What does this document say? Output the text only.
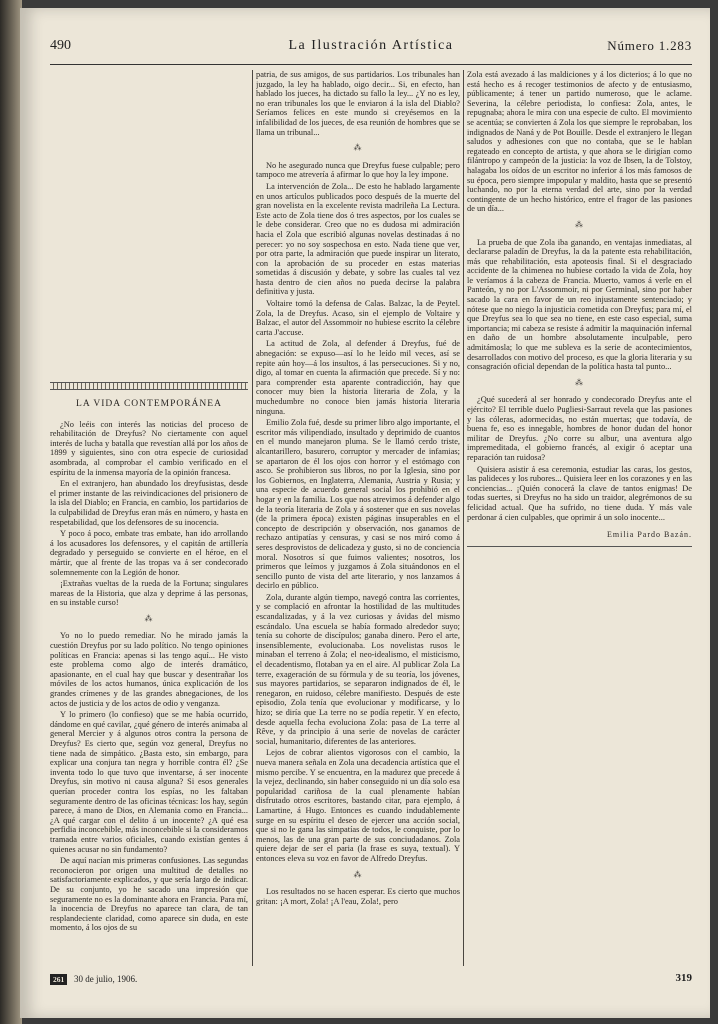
490	La Ilustración Artística	Número 1.283
LA VIDA CONTEMPORÁNEA

¿No leéis con interés las noticias del proceso de rehabilitación de Dreyfus? No ciertamente con aquel interés de lucha y batalla que revestían allá por los años de 1899 y siguientes, sino con otra especie de curiosidad asombrada, al comprobar el cambio verificado en el espíritu de la inmensa mayoría de la opinión francesa.

En el extranjero, han abundado los dreyfusistas, desde el primer instante de las reivindicaciones del prisionero de la isla del Diablo; en Francia, en cambio, los partidarios de la culpabilidad de Dreyfus eran más en número, y hasta en respetabilidad, que los defensores de su inocencia.

Y poco á poco, embate tras embate, han ido arrollando á los acusadores los defensores, y el capitán de artillería degradado y perseguido se convierte en el héroe, en el mártir, que al frente de las tropas va á ser condecorado solemnemente con la Legión de honor.

¡Extrañas vueltas de la rueda de la Fortuna; singulares mareas de la Historia, que alza y deprime á las personas, en su instable curso!

⁂

Yo no lo puedo remediar. No he mirado jamás la cuestión Dreyfus por su lado político. No tengo opiniones políticas en Francia: apenas si las tengo aquí... He visto este problema como algo de interés dramático, apasionante, en el cual hay que buscar y desentrañar los móviles de los actos humanos, única explicación de los grandes crímenes y de las grandes abnegaciones, de los actos de justicia y de los actos de odio y venganza.

Y lo primero (lo confieso) que se me había ocurrido, dándome en qué cavilar, ¿qué género de interés animaba al general Mercier y á algunos otros contra la persona de Dreyfus? Es cierto que, según voz general, Dreyfus no tiene nada de simpático. ¿Basta esto, sin embargo, para explicar una conjura tan negra y horrible contra él? ¿Se inventa todo lo que tuvo que inventarse, á ser inocente Dreyfus, sin motivo ni causa alguna? Si esos generales querían proceder contra los espías, no les faltaban seguramente dentro de las oficinas técnicas: los hay, según parece, á mano de Dios, en Alemania como en Francia... ¿A qué cargar con el delito á un inocente? ¿A qué esa perfidia inconcebible, más inconcebible si la consideramos tramada entre varios oficiales, cuando existían gentes á quienes acusar no sin fundamento?

De aquí nacían mis primeras confusiones. Las segundas reconocieron por origen una multitud de detalles no satisfactoriamente explicados, y que sería largo de indicar. De su conjunto, yo he sacado una impresión que seguramente no es la dominante ahora en Francia. Para mí, la inocencia de Dreyfus no aparece tan clara, de tan resplandeciente claridad, como aparece sin duda, en este momento, á los ojos de su

patria, de sus amigos, de sus partidarios. Los tribunales han juzgado, la ley ha hablado, oigo decir... Si, en efecto, han hablado los jueces, ha dictado su fallo la ley... ¿Y no es ley, no eran tribunales los que le enviaron á la isla del Diablo? Seríamos felices en este mundo si creyésemos en la infalibilidad de los jueces, de esa reunión de hombres que se llama un tribunal...

⁂

No he asegurado nunca que Dreyfus fuese culpable; pero tampoco me atrevería á afirmar lo que hoy la ley impone.

La intervención de Zola... De esto he hablado largamente en unos artículos publicados poco después de la muerte del gran novelista en la excelente revista madrileña La Lectura. Este acto de Zola tiene dos ó tres aspectos, por los cuales se le debe considerar. Creo que no es dudosa mi admiración hacia el Zola que escribió algunas novelas destinadas á no perecer: yo no soy sospechosa en esto. Nada tiene que ver, por otra parte, la admiración que puede inspirar un literato, con la aprobación de su proceder en estas materias sometidas á discusión y debate, y sobre las cuales tal vez hasta dentro de cien años no pueda decirse la palabra definitiva y justa.

Voltaire tomó la defensa de Calas. Balzac, la de Peytel. Zola, la de Dreyfus. Acaso, sin el ejemplo de Voltaire y Balzac, el autor del Assommoir no hubiese escrito la célebre carta J'accuse.

La actitud de Zola, al defender á Dreyfus, fué de abnegación: se expuso—así lo he leído mil veces, así se repite aún hoy—á los insultos, á las persecuciones. Si y no, digo, al tomar en cuenta la afirmación que precede. Sí y no: para comprender esta aparente contradicción, hay que conocer muy bien la historia literaria de Zola, y la muchedumbre no conoce bien jamás historia literaria ninguna.

Emilio Zola fué, desde su primer libro algo importante, el escritor más vilipendiado, insultado y deprimido de cuantos en el mundo manejaron pluma. Se le llamó cerdo triste, alcantarillero, basurero, corruptor y mercader de infamias; se apartaron de él los ojos con horror y el estómago con asco. Se prohibieron sus libros, no por la Iglesia, sino por los Gobiernos, en Inglaterra, Alemania, Austria y Rusia; y una especie de acuerdo general social los prohibió en el hogar y en la familia. Los que nos atrevimos á defender algo de la teoría literaria de Zola y á sostener que en sus novelas (de la primera época) existen páginas insuperables en el concepto de descripción y observación, nos ganamos de rechazo antipatías y censuras, y casi se nos miró como á seres desprovistos de delicadeza y gusto, si no de conciencia moral. Nosotros sí que fuimos valientes; nosotros, los primeros que leímos y juzgamos á Zola situándonos en el sencillo punto de vista del arte literario, y nos lanzamos á decirlo en público.

Zola, durante algún tiempo, navegó contra las corrientes, y se complació en afrontar la hostilidad de las multitudes escandalizadas, y á la vez curiosas y ávidas del mismo escándalo. Una escuela se había formado alrededor suyo; tenía su cohorte de discípulos; ganaba dinero. Pero el arte, insensiblemente, evolucionaba. Los novelistas rusos le minaban el terreno á Zola; el neo-idealismo, el misticismo, el decadentismo, flotaban ya en el aire. Al publicar Zola La terre, exageración de su fórmula y de su teoría, los jóvenes, sus mayores partidarios, se separaron indignados de él, le renegaron, en ruidoso, célebre manifiesto. Después de este episodio, Zola tenía que evolucionar y modificarse, y lo hizo; se diría que La terre no se podía repetir. Y en efecto, desde aquella fecha evoluciona Zola: pasa de La terre al Rêve, y da principio á una serie de novelas de carácter social, humanitario, diferentes de las anteriores.

Lejos de cobrar alientos vigorosos con el cambio, la nueva manera señala en Zola una decadencia artística que el mismo percibe. Y se encuentra, en la madurez que precede á la vejez, declinando, sin haber conseguido ni un día solo esa popularidad cariñosa de la cual plenamente habían disfrutado otros escritores, bastando citar, para ejemplo, á Lamartine, á Hugo. Entonces es cuando indudablemente surge en su espíritu el deseo de ejercer una acción social, que si no le gana las simpatías de todos, le conquiste, por lo menos, las de una gran parte de sus conciudadanos. Zola quiere dejar de ser el paria (la frase es suya, textual). Y entonces eleva su voz en favor de Alfredo Dreyfus.

⁂

Los resultados no se hacen esperar. Es cierto que muchos gritan: ¡A mort, Zola! ¡A l'eau, Zola!, pero

Zola está avezado á las maldiciones y á los dicterios; á lo que no está hecho es á recoger testimonios de afecto y de entusiasmo, públicamente; á tener un partido numeroso, que le aclame. Severina, la célebre periodista, lo confiesa: Zola, antes, le repugnaba; ahora le mira con una especie de culto. El movimiento se acentúa; se convierten á Zola los que siempre le reprobaban, los indignados de Naná y de Pot Bouille. Desde el extranjero le llegan saludos y adhesiones con que no contaba, que se le hablan regateado en concepto de artista, y que ahora se le dirigían como filántropo y campeón de la justicia: la voz de Ibsen, la de Tolstoy, halagaba los oídos de un escritor no inferior á los más famosos de su época, pero siempre impopular y maldito, hasta que se presentó luchando, no por la eterna verdad del arte, sino por la verdad contingente de un hecho histórico, entre el fragor de las pasiones de un día...

⁂

La prueba de que Zola iba ganando, en ventajas inmediatas, al declararse paladín de Dreyfus, la da la patente esta rehabilitación, más que rehabilitación, esta apoteosis final. Si el desgraciado accidente de la chimenea no hubiese cortado la vida de Zola, hoy le veríamos á la cabeza de Francia. Muerto, vamos á verle en el Panteón, y no por L'Assommoir, ni por Germinal, sino por haber sacado la cara en favor de un reo injustamente sentenciado; y nótese que no niego la injusticia cometida con Dreyfus; para mí, el que Dreyfus sea lo que sea no tiene, en este caso especial, suma importancia; mi cabeza se resiste á admitir la maquinación infernal en daño de un hombre absolutamente inculpable, pero admitámosla; lo que me subleva es la serie de acontecimientos, desarrollados con motivo del proceso, es que la gloria literaria y su consagración oficial dependan de la política hasta tal punto...

⁂

¿Qué sucederá al ser honrado y condecorado Dreyfus ante el ejército? El terrible duelo Pugliesi-Sarraut revela que las pasiones y las cóleras, adormecidas, no están muertas; que todavía, de buena fe, eso es innegable, hombres de honor dudan del honor militar de Dreyfus. ¿No corre su albur, una aventura algo impremeditada, el gobierno francés, al exigir ó aceptar una reparación tan ruidosa?

Quisiera asistir á esa ceremonia, estudiar las caras, los gestos, las palideces y los rubores... Quisiera leer en los corazones y en las conciencias... ¡Quién conocerá la clave de tantos enigmas! De todas suertes, si Dreyfus no ha sido un traidor, alegrémonos de su felicidad actual. Que ha sufrido, no tiene duda. Y más vale perdonar á cien culpables, que oprimir á un solo inocente...

Emilia Pardo Bazán.
261	30 de julio, 1906.	319
